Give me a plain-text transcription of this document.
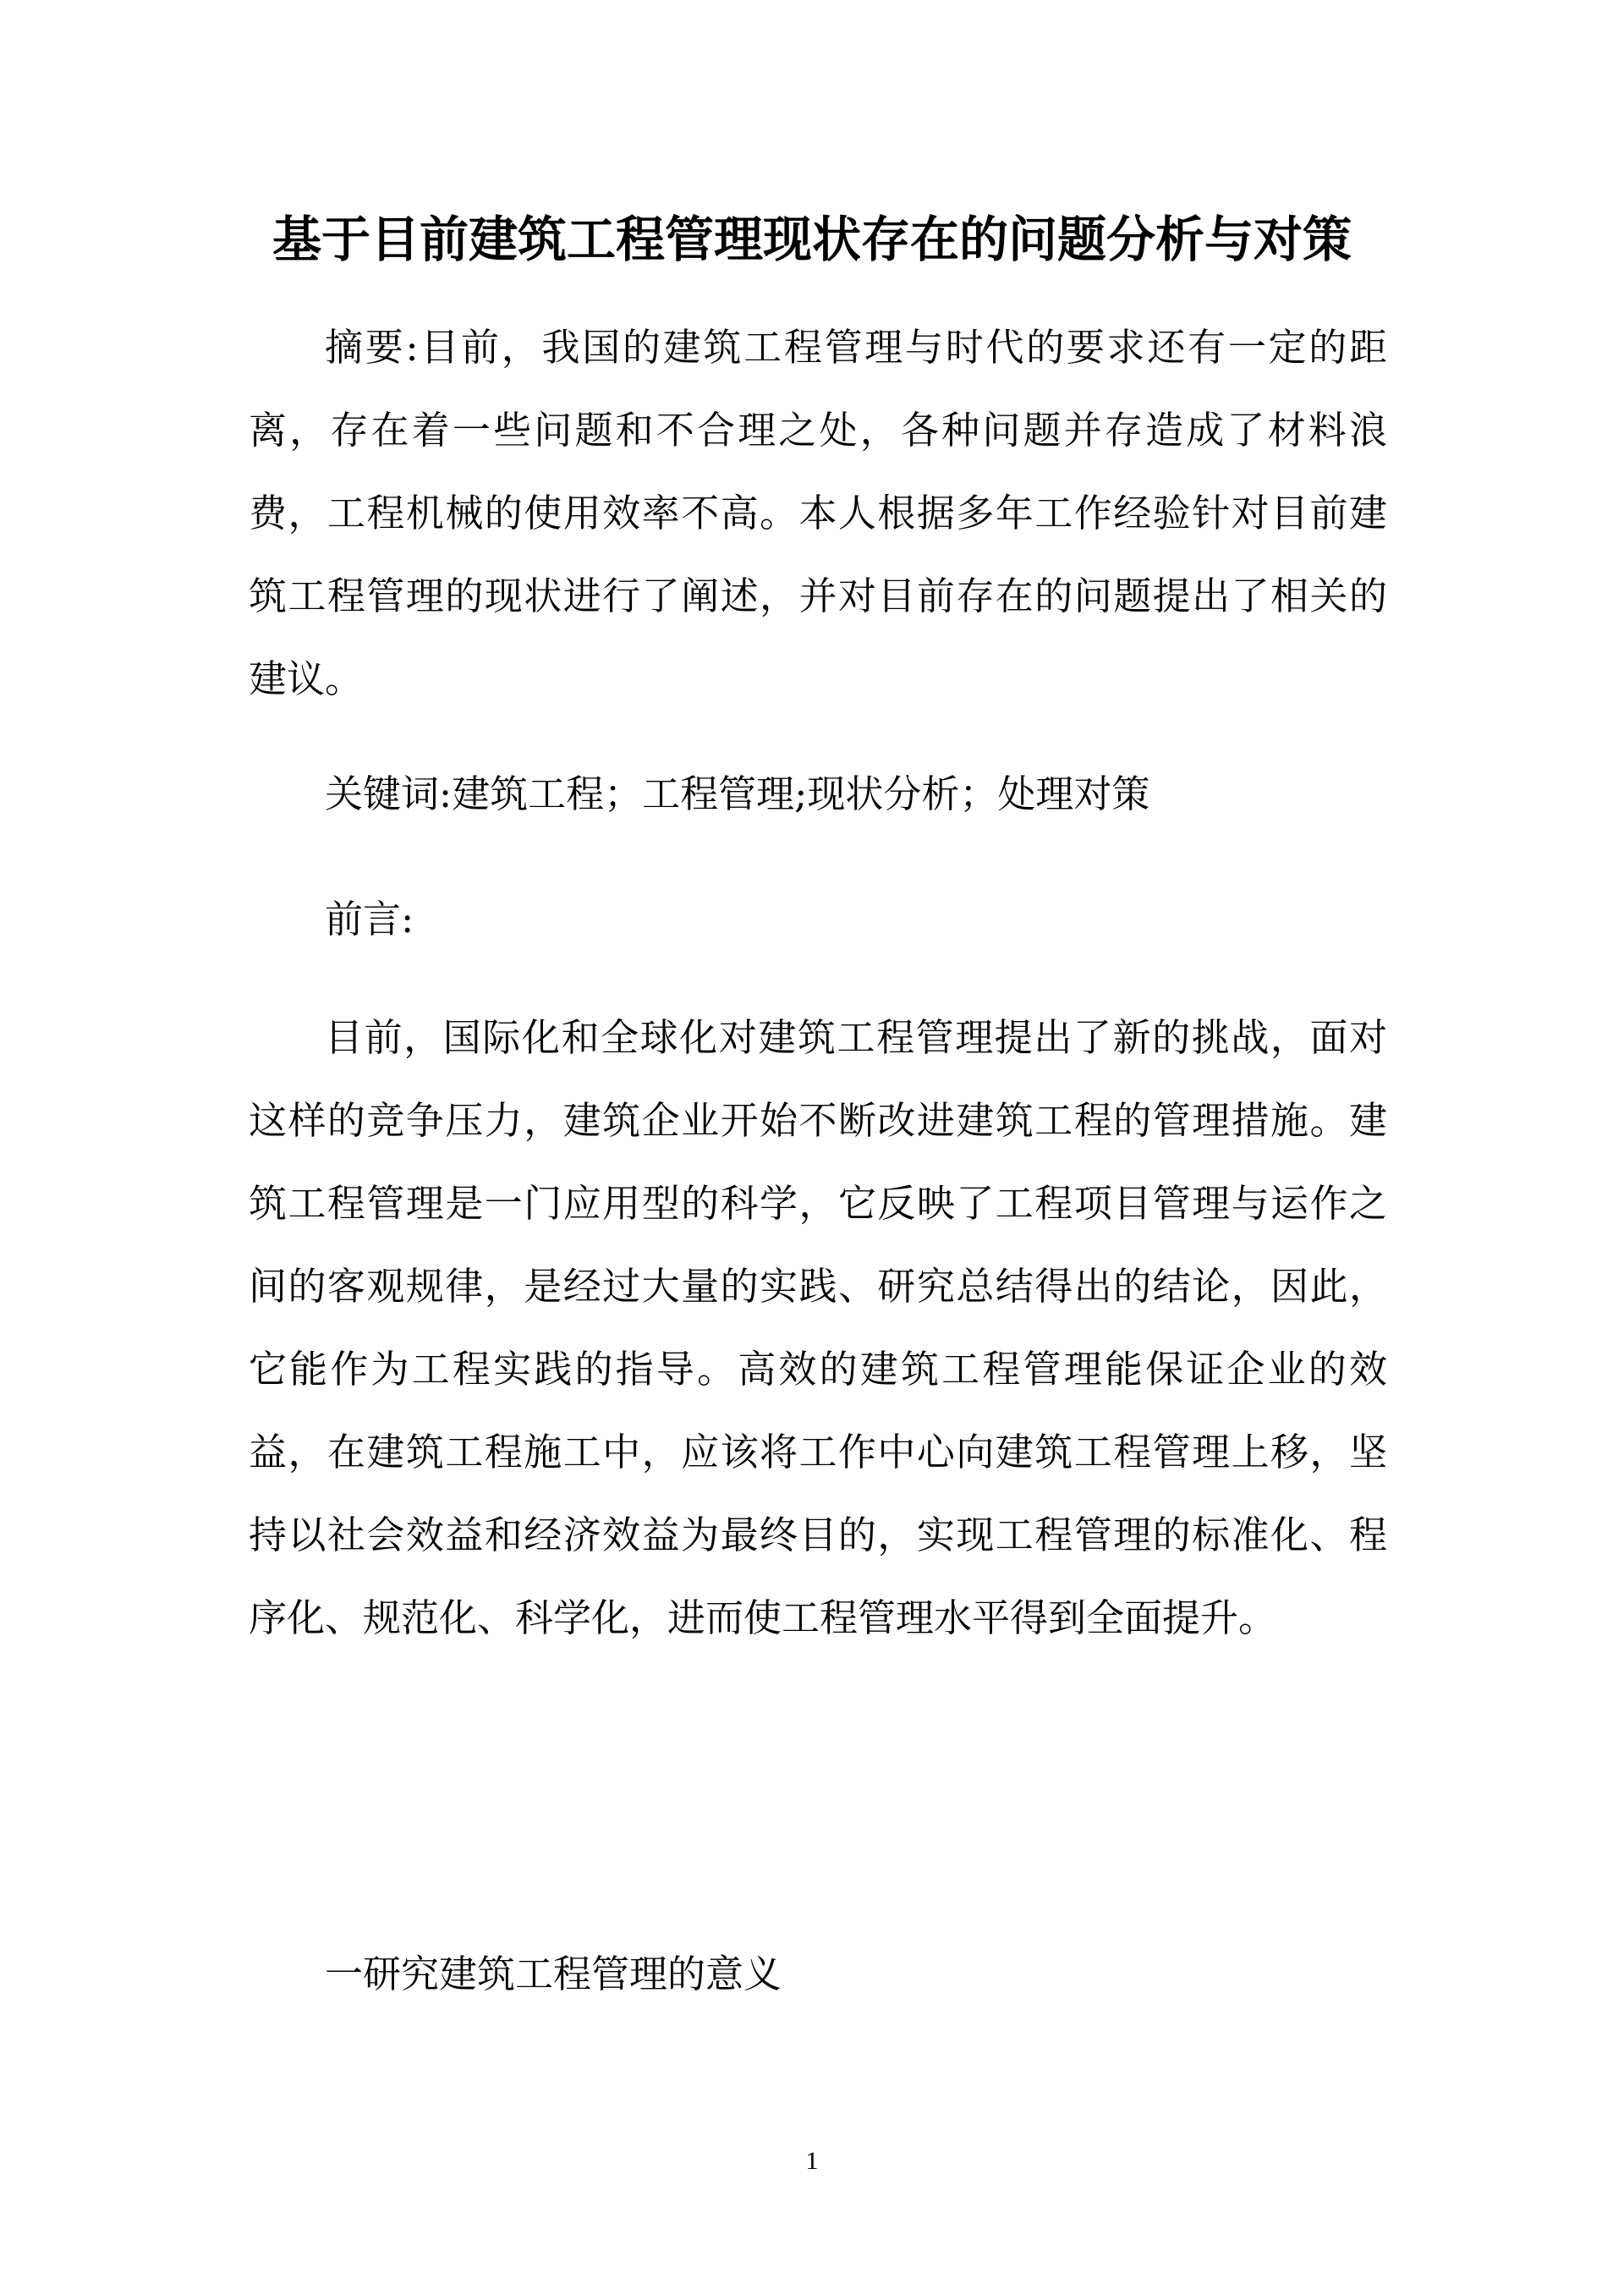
基于目前建筑工程管理现状存在的问题分析与对策

摘要:目前，我国的建筑工程管理与时代的要求还有一定的距离，存在着一些问题和不合理之处，各种问题并存造成了材料浪费，工程机械的使用效率不高。本人根据多年工作经验针对目前建筑工程管理的现状进行了阐述，并对目前存在的问题提出了相关的建议。

关键词:建筑工程；工程管理;现状分析；处理对策

前言:

目前，国际化和全球化对建筑工程管理提出了新的挑战，面对这样的竞争压力，建筑企业开始不断改进建筑工程的管理措施。建筑工程管理是一门应用型的科学，它反映了工程项目管理与运作之间的客观规律，是经过大量的实践、研究总结得出的结论，因此，它能作为工程实践的指导。高效的建筑工程管理能保证企业的效益，在建筑工程施工中，应该将工作中心向建筑工程管理上移，坚持以社会效益和经济效益为最终目的，实现工程管理的标准化、程序化、规范化、科学化，进而使工程管理水平得到全面提升。

一研究建筑工程管理的意义

1
